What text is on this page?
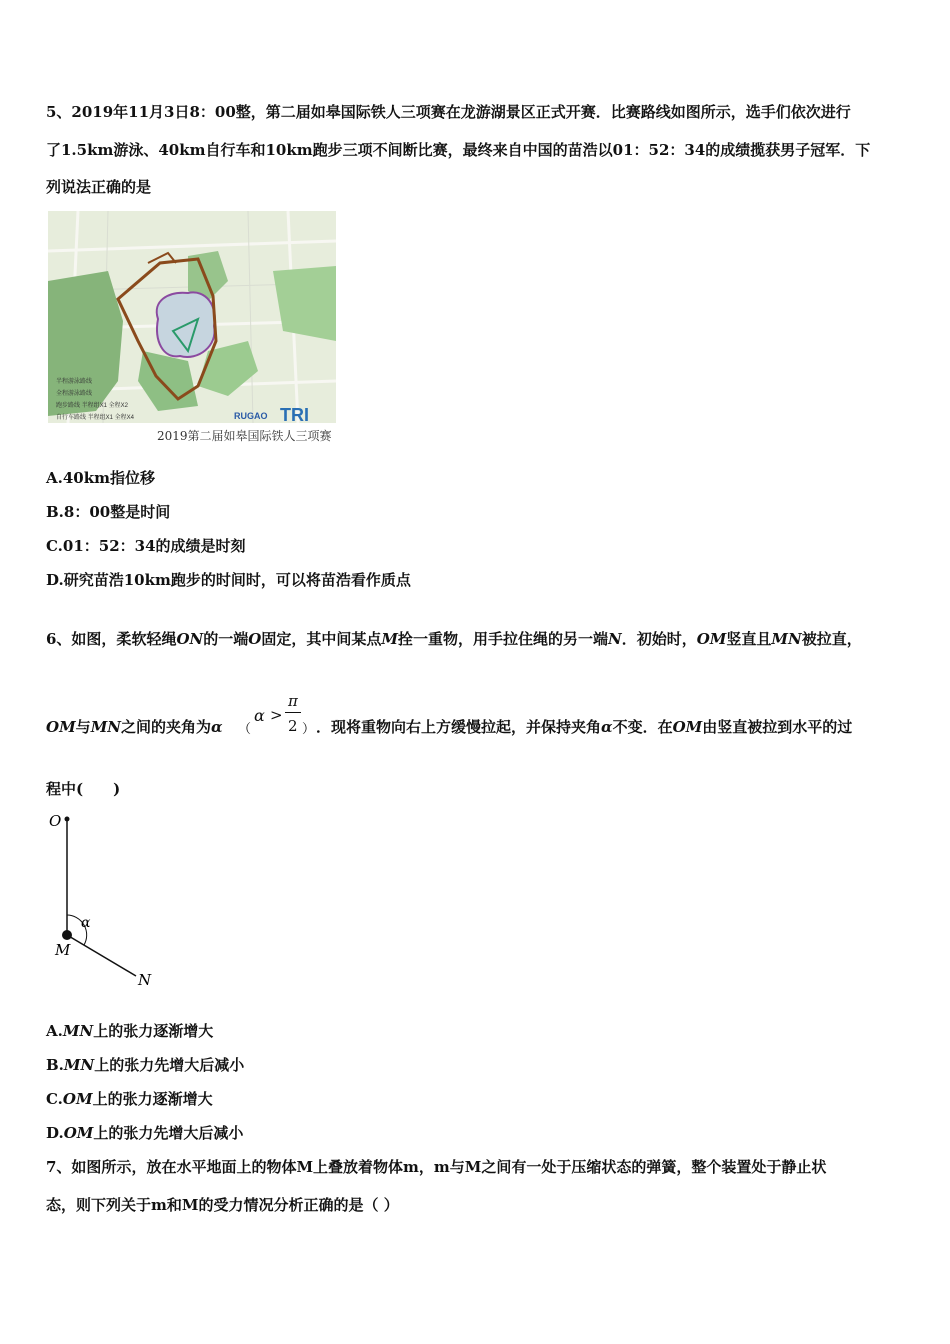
5、2019年11月3日8：00整，第二届如皋国际铁人三项赛在龙游湖景区正式开赛．比赛路线如图所示，选手们依次进行
了1.5km游泳、40km自行车和10km跑步三项不间断比赛，最终来自中国的苗浩以01：52：34的成绩揽获男子冠军．下
列说法正确的是
半程游泳路线
全程游泳路线
跑步路线 半程组X1 全程X2
自行车路线 半程组X1 全程X4	RUGAO TRI
2019第二届如皋国际铁人三项赛
A.40km指位移
B.8：00整是时间
C.01：52：34的成绩是时刻
D.研究苗浩10km跑步的时间时，可以将苗浩看作质点
6、如图，柔软轻绳ON的一端O固定，其中间某点M拴一重物，用手拉住绳的另一端N．初始时，OM竖直且MN被拉直，
OM与MN之间的夹角为α （
α >
π
2 ） ．现将重物向右上方缓慢拉起，并保持夹角α不变．在OM由竖直被拉到水平的过
程中(　　)
O
α
M
N
A.MN上的张力逐渐增大
B.MN上的张力先增大后减小
C.OM上的张力逐渐增大
D.OM上的张力先增大后减小
7、如图所示，放在水平地面上的物体M上叠放着物体m，m与M之间有一处于压缩状态的弹簧，整个装置处于静止状
态，则下列关于m和M的受力情况分析正确的是（ ）
